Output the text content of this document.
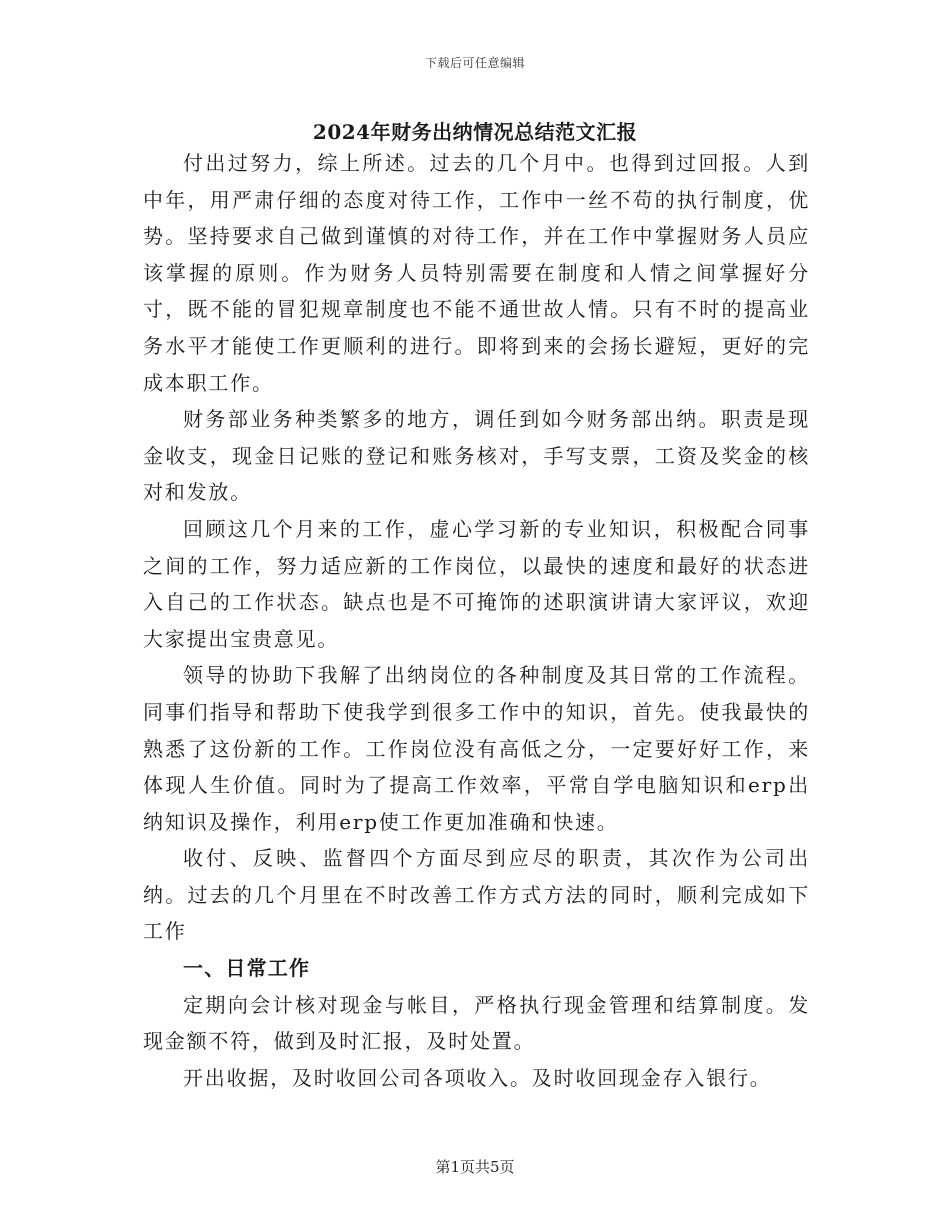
下载后可任意编辑
2024年财务出纳情况总结范文汇报

付出过努力，综上所述。过去的几个月中。也得到过回报。人到中年，用严肃仔细的态度对待工作，工作中一丝不苟的执行制度，优势。坚持要求自己做到谨慎的对待工作，并在工作中掌握财务人员应该掌握的原则。作为财务人员特别需要在制度和人情之间掌握好分寸，既不能的冒犯规章制度也不能不通世故人情。只有不时的提高业务水平才能使工作更顺利的进行。即将到来的会扬长避短，更好的完成本职工作。

财务部业务种类繁多的地方，调任到如今财务部出纳。职责是现金收支，现金日记账的登记和账务核对，手写支票，工资及奖金的核对和发放。

回顾这几个月来的工作，虚心学习新的专业知识，积极配合同事之间的工作，努力适应新的工作岗位，以最快的速度和最好的状态进入自己的工作状态。缺点也是不可掩饰的述职演讲请大家评议，欢迎大家提出宝贵意见。

领导的协助下我解了出纳岗位的各种制度及其日常的工作流程。同事们指导和帮助下使我学到很多工作中的知识，首先。使我最快的熟悉了这份新的工作。工作岗位没有高低之分，一定要好好工作，来体现人生价值。同时为了提高工作效率，平常自学电脑知识和erp出纳知识及操作，利用erp使工作更加准确和快速。

收付、反映、监督四个方面尽到应尽的职责，其次作为公司出纳。过去的几个月里在不时改善工作方式方法的同时，顺利完成如下工作

一、日常工作

定期向会计核对现金与帐目，严格执行现金管理和结算制度。发现金额不符，做到及时汇报，及时处置。

开出收据，及时收回公司各项收入。及时收回现金存入银行。

第1页共5页
